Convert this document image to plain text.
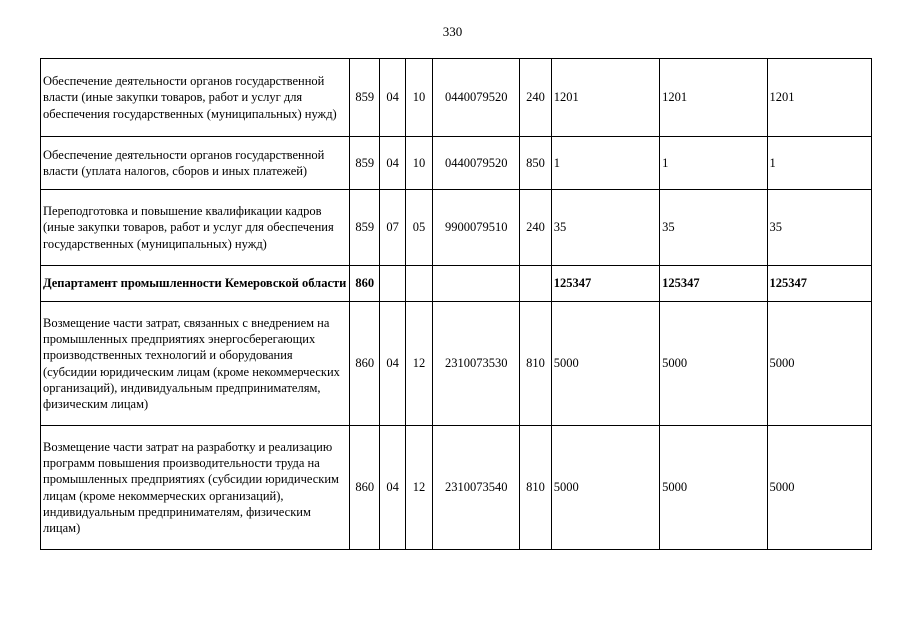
330
Обеспечение деятельности органов государственной власти (иные закупки товаров, работ и услуг для обеспечения государственных (муниципальных) нужд)	859	04	10	0440079520	240	1201	1201	1201
Обеспечение деятельности органов государственной власти (уплата налогов, сборов и иных платежей)	859	04	10	0440079520	850	1	1	1
Переподготовка и повышение квалификации кадров (иные закупки товаров, работ и услуг для обеспечения государственных (муниципальных) нужд)	859	07	05	9900079510	240	35	35	35
Департамент промышленности Кемеровской области	860					125347	125347	125347
Возмещение части затрат, связанных с внедрением на промышленных предприятиях энергосберегающих производственных технологий и оборудования (субсидии юридическим лицам (кроме некоммерческих организаций), индивидуальным предпринимателям, физическим лицам)	860	04	12	2310073530	810	5000	5000	5000
Возмещение части затрат на разработку и реализацию программ повышения производительности труда на промышленных предприятиях (субсидии юридическим лицам (кроме некоммерческих организаций), индивидуальным предпринимателям, физическим лицам)	860	04	12	2310073540	810	5000	5000	5000
